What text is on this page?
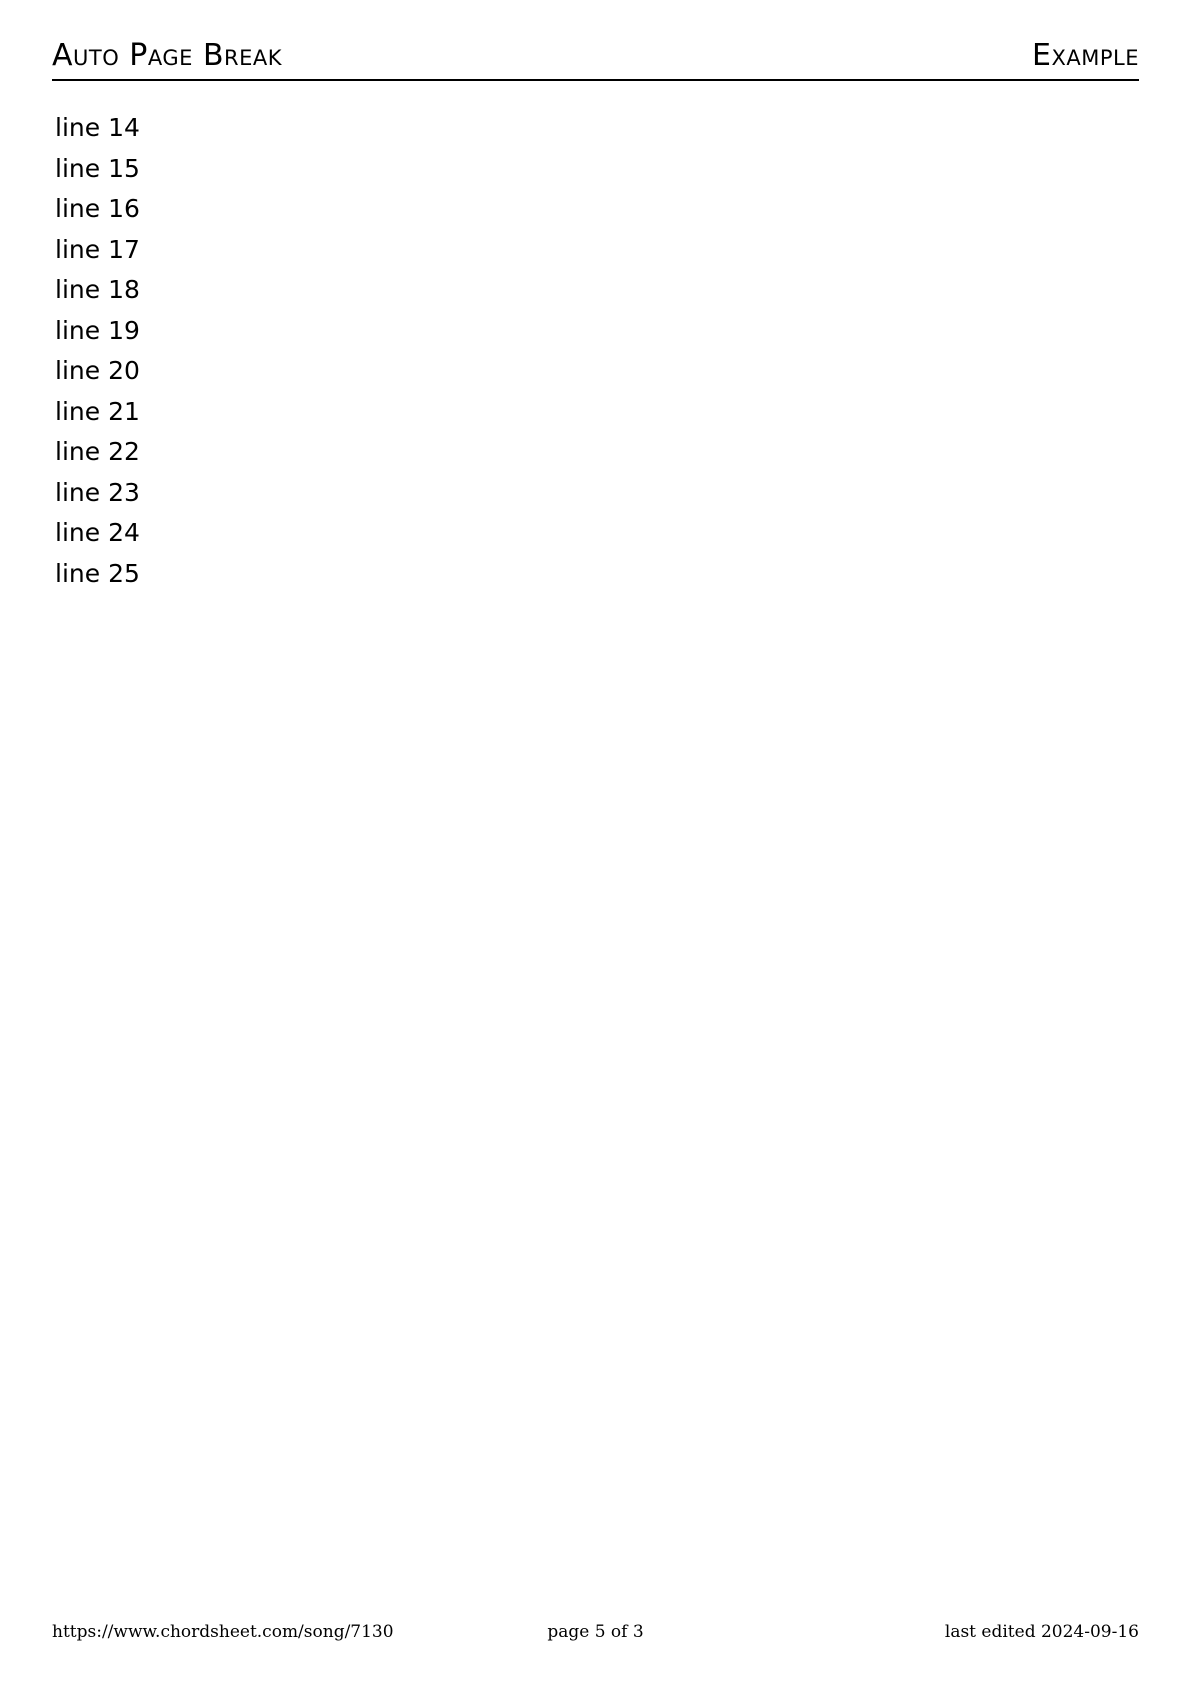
Auto Page Break	Example
line 14
line 15
line 16
line 17
line 18
line 19
line 20
line 21
line 22
line 23
line 24
line 25
https://www.chordsheet.com/song/7130	page 5 of 3	last edited 2024-09-16
